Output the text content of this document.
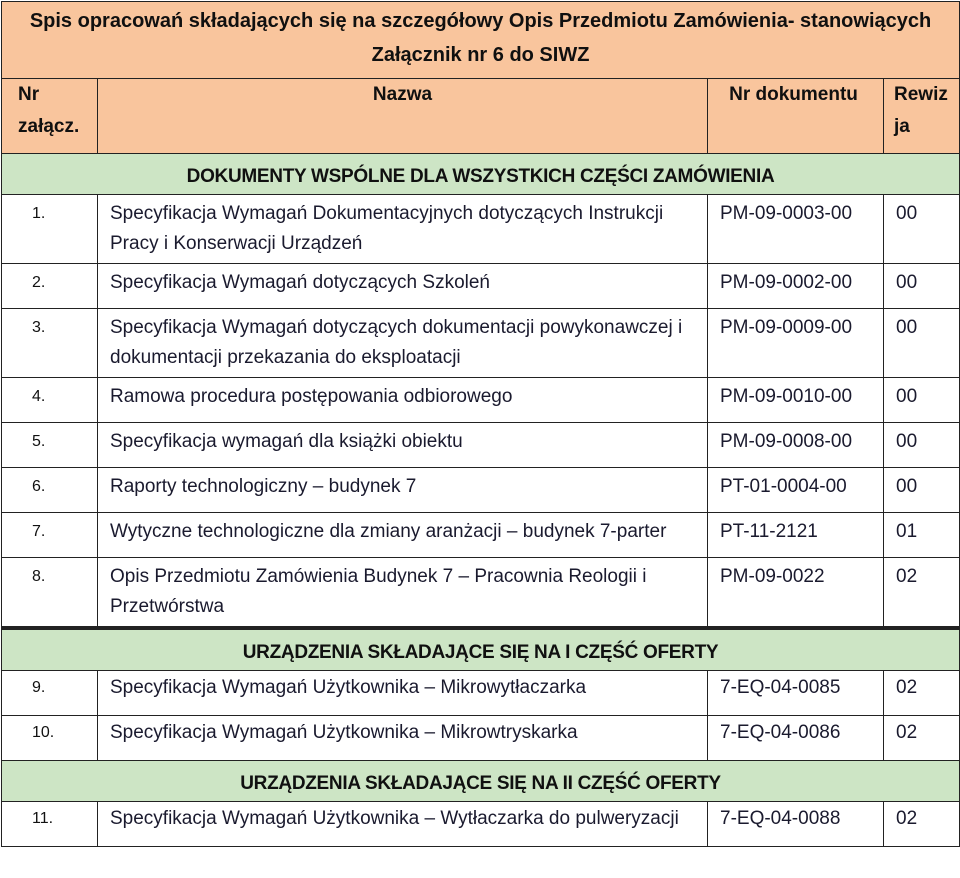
Spis opracowań składających się na szczegółowy Opis Przedmiotu Zamówienia- stanowiących
Załącznik nr 6 do SIWZ			

Nr załącz.	Nazwa	Nr dokumentu	Rewiz
ja

DOKUMENTY WSPÓLNE DLA WSZYSTKICH CZĘŚCI ZAMÓWIENIA			
1.	Specyfikacja Wymagań Dokumentacyjnych dotyczących Instrukcji Pracy i Konserwacji Urządzeń	PM-09-0003-00	00
2.	Specyfikacja Wymagań dotyczących Szkoleń	PM-09-0002-00	00
3.	Specyfikacja Wymagań dotyczących dokumentacji powykonawczej i dokumentacji przekazania do eksploatacji	PM-09-0009-00	00
4.	Ramowa procedura postępowania odbiorowego	PM-09-0010-00	00
5.	Specyfikacja wymagań dla książki obiektu	PM-09-0008-00	00
6.	Raporty technologiczny – budynek 7	PT-01-0004-00	00
7.	Wytyczne technologiczne dla zmiany aranżacji – budynek 7-parter	PT-11-2121	01
8.	Opis Przedmiotu Zamówienia Budynek 7 – Pracownia Reologii i Przetwórstwa	PM-09-0022	02
URZĄDZENIA SKŁADAJĄCE SIĘ NA I CZĘŚĆ OFERTY			
9.	Specyfikacja Wymagań Użytkownika – Mikrowytłaczarka	7-EQ-04-0085	02
10.	Specyfikacja Wymagań Użytkownika – Mikrowtryskarka	7-EQ-04-0086	02
URZĄDZENIA SKŁADAJĄCE SIĘ NA II CZĘŚĆ OFERTY			
11.	Specyfikacja Wymagań Użytkownika – Wytłaczarka do pulweryzacji	7-EQ-04-0088	02
